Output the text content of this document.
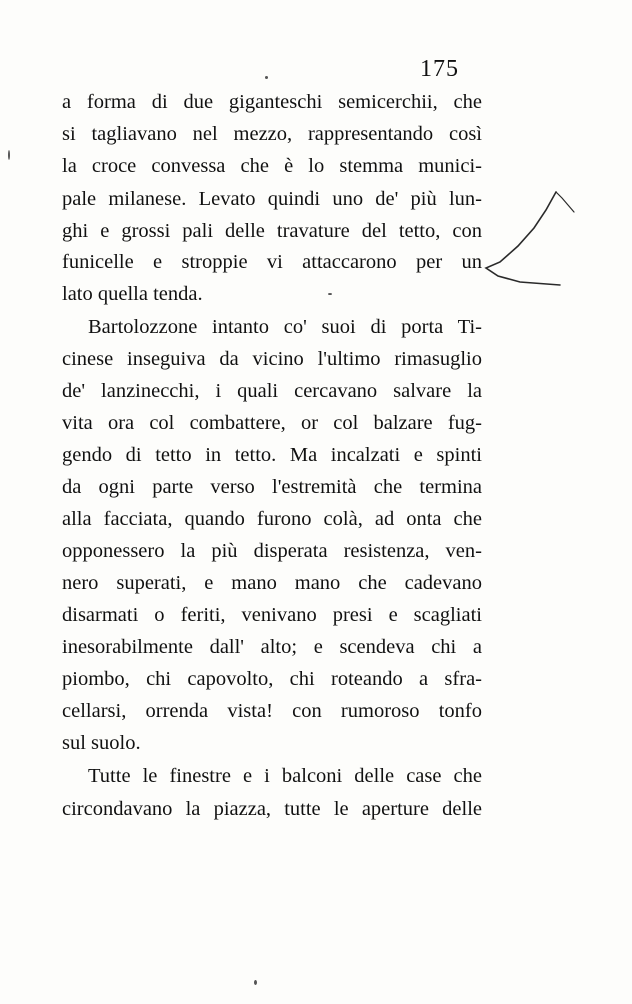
175
a forma di due giganteschi semicerchii, che
si tagliavano nel mezzo, rappresentando così
la croce convessa che è lo stemma munici-
pale milanese. Levato quindi uno de' più lun-
ghi e grossi pali delle travature del tetto, con
funicelle e stroppie vi attaccarono per un
lato quella tenda.
Bartolozzone intanto co' suoi di porta Ti-
cinese inseguiva da vicino l'ultimo rimasuglio
de' lanzinecchi, i quali cercavano salvare la
vita ora col combattere, or col balzare fug-
gendo di tetto in tetto. Ma incalzati e spinti
da ogni parte verso l'estremità che termina
alla facciata, quando furono colà, ad onta che
opponessero la più disperata resistenza, ven-
nero superati, e mano mano che cadevano
disarmati o feriti, venivano presi e scagliati
inesorabilmente dall' alto; e scendeva chi a
piombo, chi capovolto, chi roteando a sfra-
cellarsi, orrenda vista! con rumoroso tonfo
sul suolo.
Tutte le finestre e i balconi delle case che
circondavano la piazza, tutte le aperture delle
